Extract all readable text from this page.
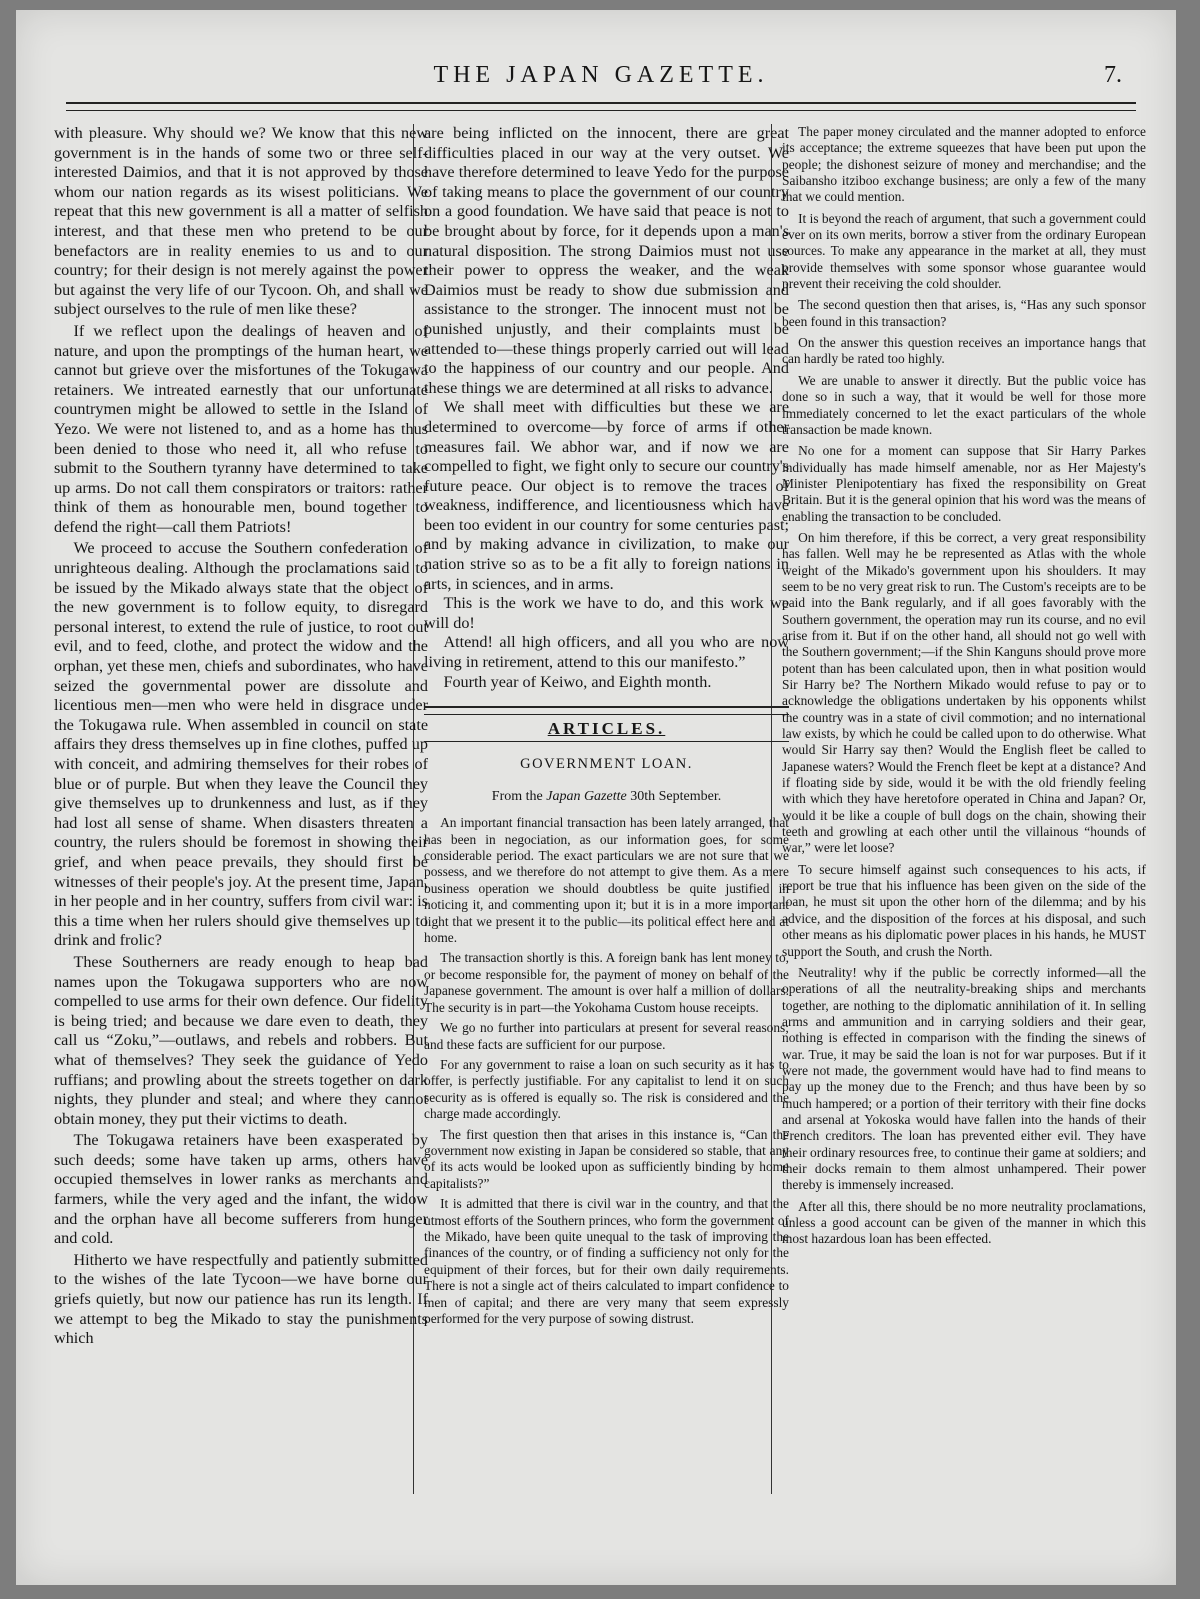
THE JAPAN GAZETTE.	7.

with pleasure. Why should we? We know that this new government is in the hands of some two or three self-interested Daimios, and that it is not approved by those whom our nation regards as its wisest politicians. We repeat that this new government is all a matter of selfish interest, and that these men who pretend to be our benefactors are in reality enemies to us and to our country; for their design is not merely against the power but against the very life of our Tycoon. Oh, and shall we subject ourselves to the rule of men like these?

If we reflect upon the dealings of heaven and of nature, and upon the promptings of the human heart, we cannot but grieve over the misfortunes of the Tokugawa retainers. We intreated earnestly that our unfortunate countrymen might be allowed to settle in the Island of Yezo. We were not listened to, and as a home has thus been denied to those who need it, all who refuse to submit to the Southern tyranny have determined to take up arms. Do not call them conspirators or traitors: rather think of them as honourable men, bound together to defend the right—call them Patriots!

We proceed to accuse the Southern confederation of unrighteous dealing. Although the proclamations said to be issued by the Mikado always state that the object of the new government is to follow equity, to disregard personal interest, to extend the rule of justice, to root out evil, and to feed, clothe, and protect the widow and the orphan, yet these men, chiefs and subordinates, who have seized the governmental power are dissolute and licentious men—men who were held in disgrace under the Tokugawa rule. When assembled in council on state affairs they dress themselves up in fine clothes, puffed up with conceit, and admiring themselves for their robes of blue or of purple. But when they leave the Council they give themselves up to drunkenness and lust, as if they had lost all sense of shame. When disasters threaten a country, the rulers should be foremost in showing their grief, and when peace prevails, they should first be witnesses of their people's joy. At the present time, Japan, in her people and in her country, suffers from civil war: is this a time when her rulers should give themselves up to drink and frolic?

These Southerners are ready enough to heap bad names upon the Tokugawa supporters who are now compelled to use arms for their own defence. Our fidelity is being tried; and because we dare even to death, they call us “Zoku,”—outlaws, and rebels and robbers. But what of themselves? They seek the guidance of Yedo ruffians; and prowling about the streets together on dark nights, they plunder and steal; and where they cannot obtain money, they put their victims to death.

The Tokugawa retainers have been exasperated by such deeds; some have taken up arms, others have occupied themselves in lower ranks as merchants and farmers, while the very aged and the infant, the widow and the orphan have all become sufferers from hunger and cold.

Hitherto we have respectfully and patiently submitted to the wishes of the late Tycoon—we have borne our griefs quietly, but now our patience has run its length. If we attempt to beg the Mikado to stay the punishments which

are being inflicted on the innocent, there are great difficulties placed in our way at the very outset. We have therefore determined to leave Yedo for the purpose of taking means to place the government of our country on a good foundation. We have said that peace is not to be brought about by force, for it depends upon a man's natural disposition. The strong Daimios must not use their power to oppress the weaker, and the weak Daimios must be ready to show due submission and assistance to the stronger. The innocent must not be punished unjustly, and their complaints must be attended to—these things properly carried out will lead to the happiness of our country and our people. And these things we are determined at all risks to advance.

We shall meet with difficulties but these we are determined to overcome—by force of arms if other measures fail. We abhor war, and if now we are compelled to fight, we fight only to secure our country's future peace. Our object is to remove the traces of weakness, indifference, and licentiousness which have been too evident in our country for some centuries past; and by making advance in civilization, to make our nation strive so as to be a fit ally to foreign nations in arts, in sciences, and in arms.

This is the work we have to do, and this work we will do!

Attend! all high officers, and all you who are now living in retirement, attend to this our manifesto.”

Fourth year of Keiwo, and Eighth month.

ARTICLES.
GOVERNMENT LOAN.
From the Japan Gazette 30th September.

An important financial transaction has been lately arranged, that has been in negociation, as our information goes, for some considerable period. The exact particulars we are not sure that we possess, and we therefore do not attempt to give them. As a mere business operation we should doubtless be quite justified in noticing it, and commenting upon it; but it is in a more important light that we present it to the public—its political effect here and at home.

The transaction shortly is this. A foreign bank has lent money to, or become responsible for, the payment of money on behalf of the Japanese government. The amount is over half a million of dollars. The security is in part—the Yokohama Custom house receipts.

We go no further into particulars at present for several reasons; and these facts are sufficient for our purpose.

For any government to raise a loan on such security as it has to offer, is perfectly justifiable. For any capitalist to lend it on such security as is offered is equally so. The risk is considered and the charge made accordingly.

The first question then that arises in this instance is, “Can the government now existing in Japan be considered so stable, that any of its acts would be looked upon as sufficiently binding by home capitalists?”

It is admitted that there is civil war in the country, and that the utmost efforts of the Southern princes, who form the government of the Mikado, have been quite unequal to the task of improving the finances of the country, or of finding a sufficiency not only for the equipment of their forces, but for their own daily requirements. There is not a single act of theirs calculated to impart confidence to men of capital; and there are very many that seem expressly performed for the very purpose of sowing distrust.

The paper money circulated and the manner adopted to enforce its acceptance; the extreme squeezes that have been put upon the people; the dishonest seizure of money and merchandise; and the Saibansho itziboo exchange business; are only a few of the many that we could mention.

It is beyond the reach of argument, that such a government could ever on its own merits, borrow a stiver from the ordinary European sources. To make any appearance in the market at all, they must provide themselves with some sponsor whose guarantee would prevent their receiving the cold shoulder.

The second question then that arises, is, “Has any such sponsor been found in this transaction?

On the answer this question receives an importance hangs that can hardly be rated too highly.

We are unable to answer it directly. But the public voice has done so in such a way, that it would be well for those more immediately concerned to let the exact particulars of the whole transaction be made known.

No one for a moment can suppose that Sir Harry Parkes individually has made himself amenable, nor as Her Majesty's Minister Plenipotentiary has fixed the responsibility on Great Britain. But it is the general opinion that his word was the means of enabling the transaction to be concluded.

On him therefore, if this be correct, a very great responsibility has fallen. Well may he be represented as Atlas with the whole weight of the Mikado's government upon his shoulders. It may seem to be no very great risk to run. The Custom's receipts are to be paid into the Bank regularly, and if all goes favorably with the Southern government, the operation may run its course, and no evil arise from it. But if on the other hand, all should not go well with the Southern government;—if the Shin Kanguns should prove more potent than has been calculated upon, then in what position would Sir Harry be? The Northern Mikado would refuse to pay or to acknowledge the obligations undertaken by his opponents whilst the country was in a state of civil commotion; and no international law exists, by which he could be called upon to do otherwise. What would Sir Harry say then? Would the English fleet be called to Japanese waters? Would the French fleet be kept at a distance? And if floating side by side, would it be with the old friendly feeling with which they have heretofore operated in China and Japan? Or, would it be like a couple of bull dogs on the chain, showing their teeth and growling at each other until the villainous “hounds of war,” were let loose?

To secure himself against such consequences to his acts, if report be true that his influence has been given on the side of the loan, he must sit upon the other horn of the dilemma; and by his advice, and the disposition of the forces at his disposal, and such other means as his diplomatic power places in his hands, he MUST support the South, and crush the North.

Neutrality! why if the public be correctly informed—all the operations of all the neutrality-breaking ships and merchants together, are nothing to the diplomatic annihilation of it. In selling arms and ammunition and in carrying soldiers and their gear, nothing is effected in comparison with the finding the sinews of war. True, it may be said the loan is not for war purposes. But if it were not made, the government would have had to find means to pay up the money due to the French; and thus have been by so much hampered; or a portion of their territory with their fine docks and arsenal at Yokoska would have fallen into the hands of their French creditors. The loan has prevented either evil. They have their ordinary resources free, to continue their game at soldiers; and their docks remain to them almost unhampered. Their power thereby is immensely increased.

After all this, there should be no more neutrality proclamations, unless a good account can be given of the manner in which this most hazardous loan has been effected.
